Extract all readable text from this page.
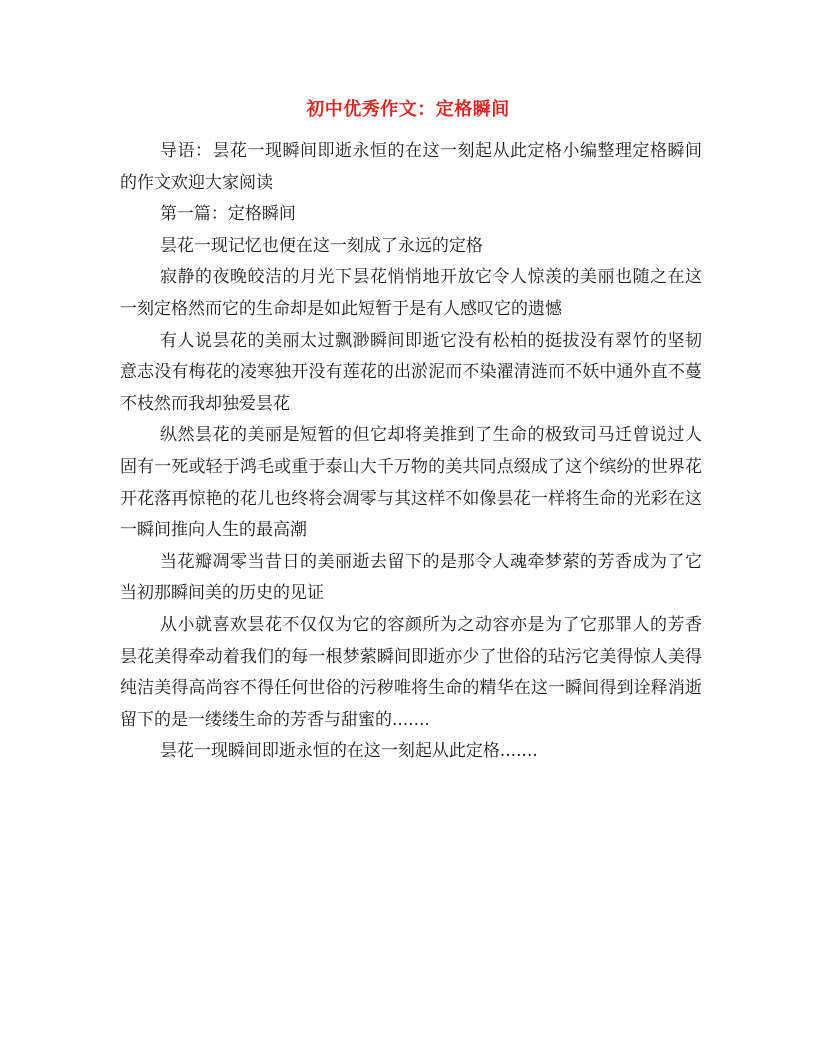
初中优秀作文：定格瞬间

导语：昙花一现瞬间即逝永恒的在这一刻起从此定格小编整理定格瞬间的作文欢迎大家阅读

第一篇：定格瞬间

昙花一现记忆也便在这一刻成了永远的定格

寂静的夜晚皎洁的月光下昙花悄悄地开放它令人惊羡的美丽也随之在这一刻定格然而它的生命却是如此短暂于是有人感叹它的遗憾

有人说昙花的美丽太过飘渺瞬间即逝它没有松柏的挺拔没有翠竹的坚韧意志没有梅花的凌寒独开没有莲花的出淤泥而不染濯清涟而不妖中通外直不蔓不枝然而我却独爱昙花

纵然昙花的美丽是短暂的但它却将美推到了生命的极致司马迁曾说过人固有一死或轻于鸿毛或重于泰山大千万物的美共同点缀成了这个缤纷的世界花开花落再惊艳的花儿也终将会凋零与其这样不如像昙花一样将生命的光彩在这一瞬间推向人生的最高潮

当花瓣凋零当昔日的美丽逝去留下的是那令人魂牵梦萦的芳香成为了它当初那瞬间美的历史的见证

从小就喜欢昙花不仅仅为它的容颜所为之动容亦是为了它那罪人的芳香昙花美得牵动着我们的每一根梦萦瞬间即逝亦少了世俗的玷污它美得惊人美得纯洁美得高尚容不得任何世俗的污秽唯将生命的精华在这一瞬间得到诠释消逝留下的是一缕缕生命的芳香与甜蜜的.......

昙花一现瞬间即逝永恒的在这一刻起从此定格.......
